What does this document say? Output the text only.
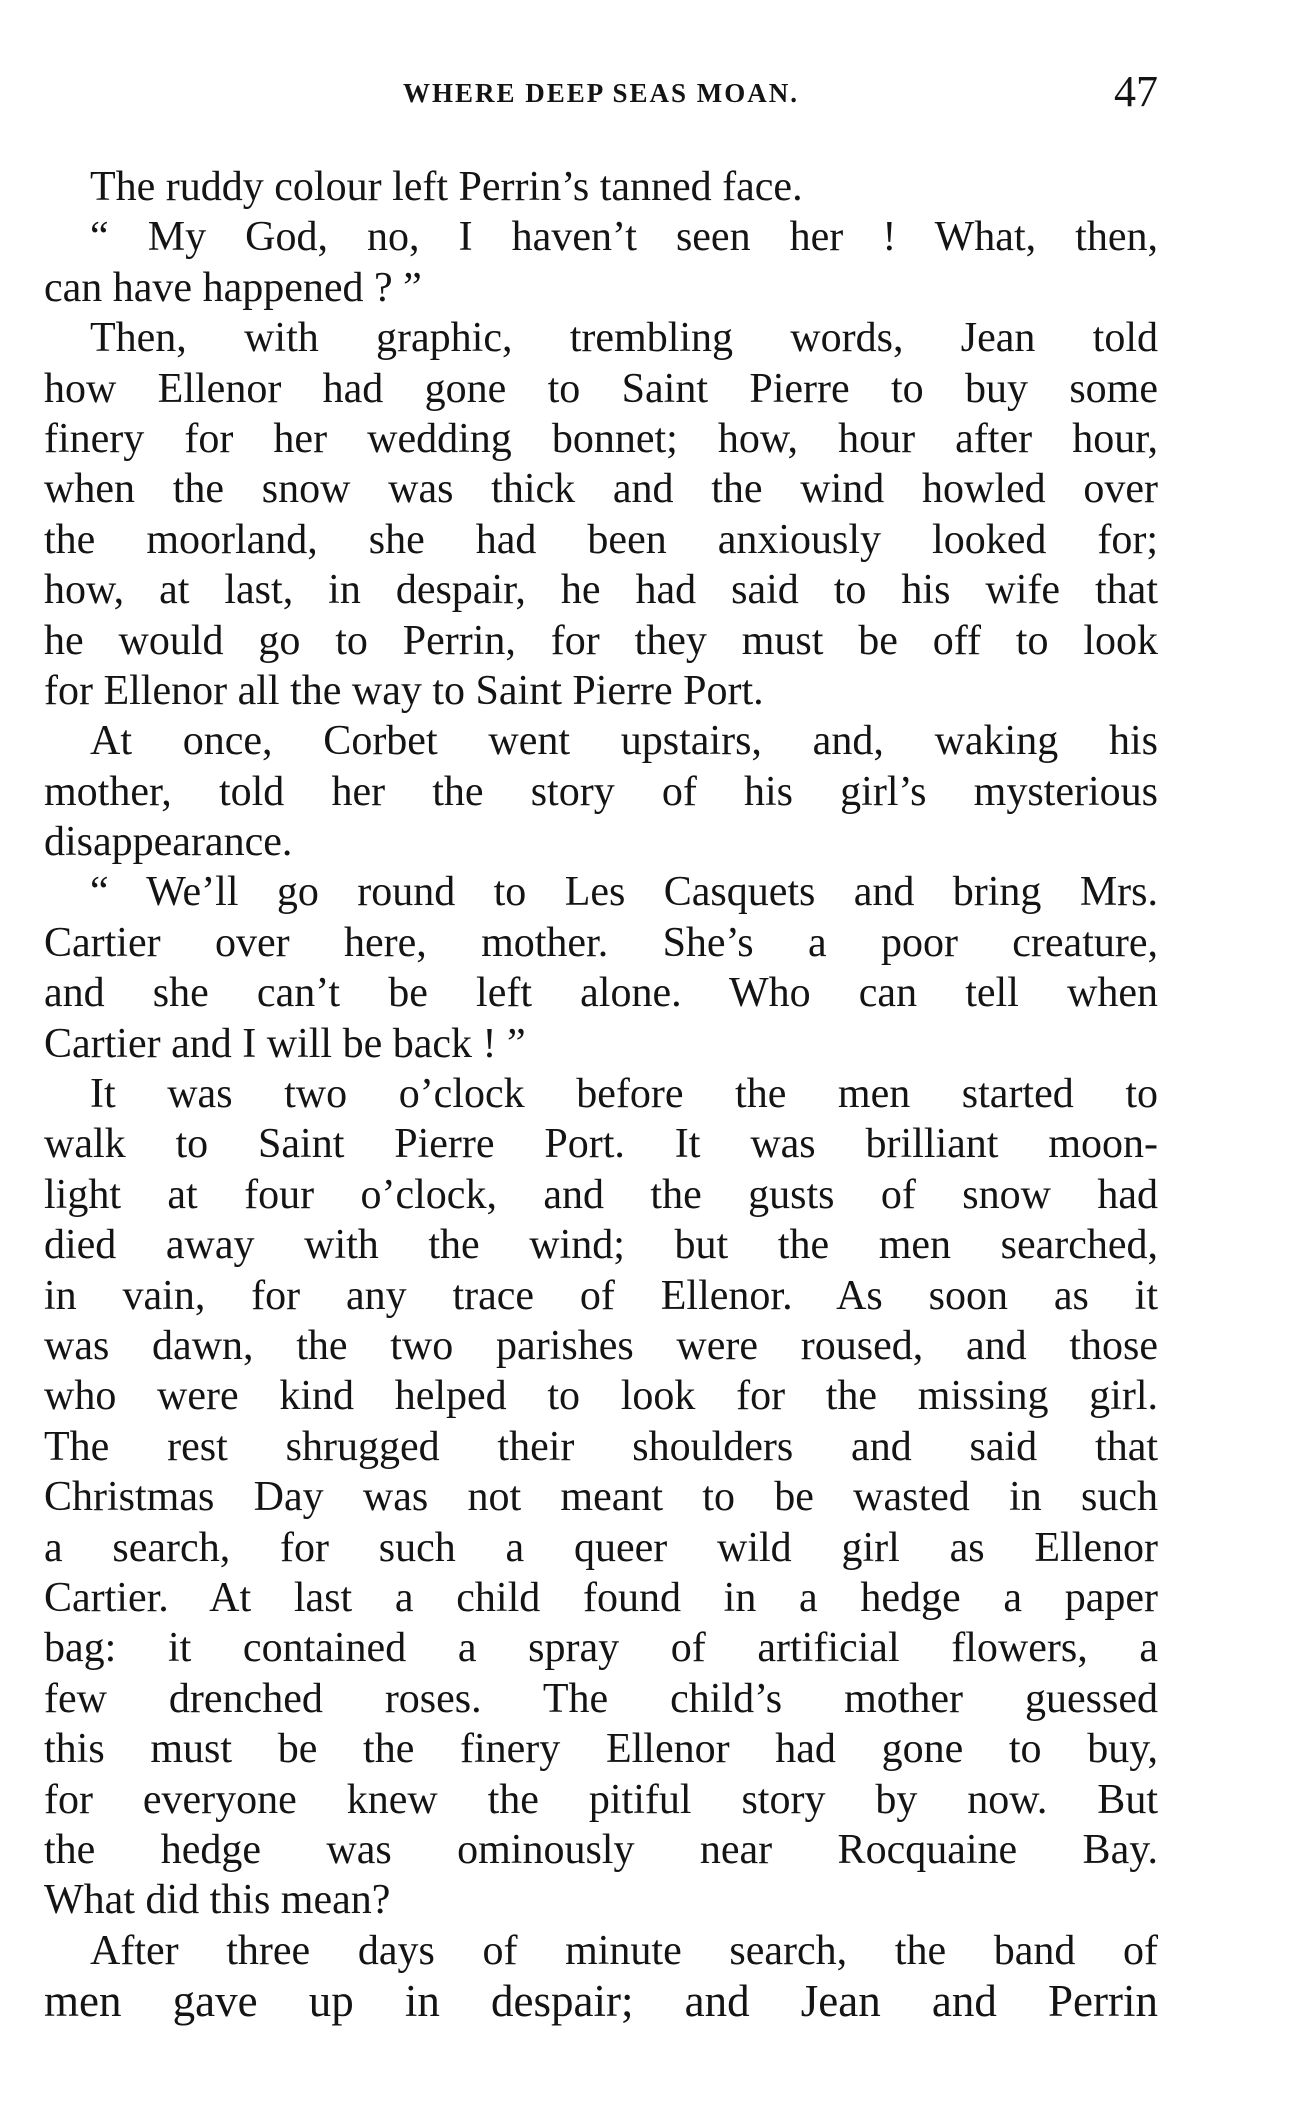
WHERE DEEP SEAS MOAN.	47
The ruddy colour left Perrin’s tanned face.
“ My God, no, I haven’t seen her ! What, then,
can have happened ? ”
Then, with graphic, trembling words, Jean told
how Ellenor had gone to Saint Pierre to buy some
finery for her wedding bonnet; how, hour after hour,
when the snow was thick and the wind howled over
the moorland, she had been anxiously looked for;
how, at last, in despair, he had said to his wife that
he would go to Perrin, for they must be off to look
for Ellenor all the way to Saint Pierre Port.
At once, Corbet went upstairs, and, waking his
mother, told her the story of his girl’s mysterious
disappearance.
“ We’ll go round to Les Casquets and bring Mrs.
Cartier over here, mother. She’s a poor creature,
and she can’t be left alone. Who can tell when
Cartier and I will be back ! ”
It was two o’clock before the men started to
walk to Saint Pierre Port. It was brilliant moon-
light at four o’clock, and the gusts of snow had
died away with the wind; but the men searched,
in vain, for any trace of Ellenor. As soon as it
was dawn, the two parishes were roused, and those
who were kind helped to look for the missing girl.
The rest shrugged their shoulders and said that
Christmas Day was not meant to be wasted in such
a search, for such a queer wild girl as Ellenor
Cartier. At last a child found in a hedge a paper
bag: it contained a spray of artificial flowers, a
few drenched roses. The child’s mother guessed
this must be the finery Ellenor had gone to buy,
for everyone knew the pitiful story by now. But
the hedge was ominously near Rocquaine Bay.
What did this mean?
After three days of minute search, the band of
men gave up in despair; and Jean and Perrin
